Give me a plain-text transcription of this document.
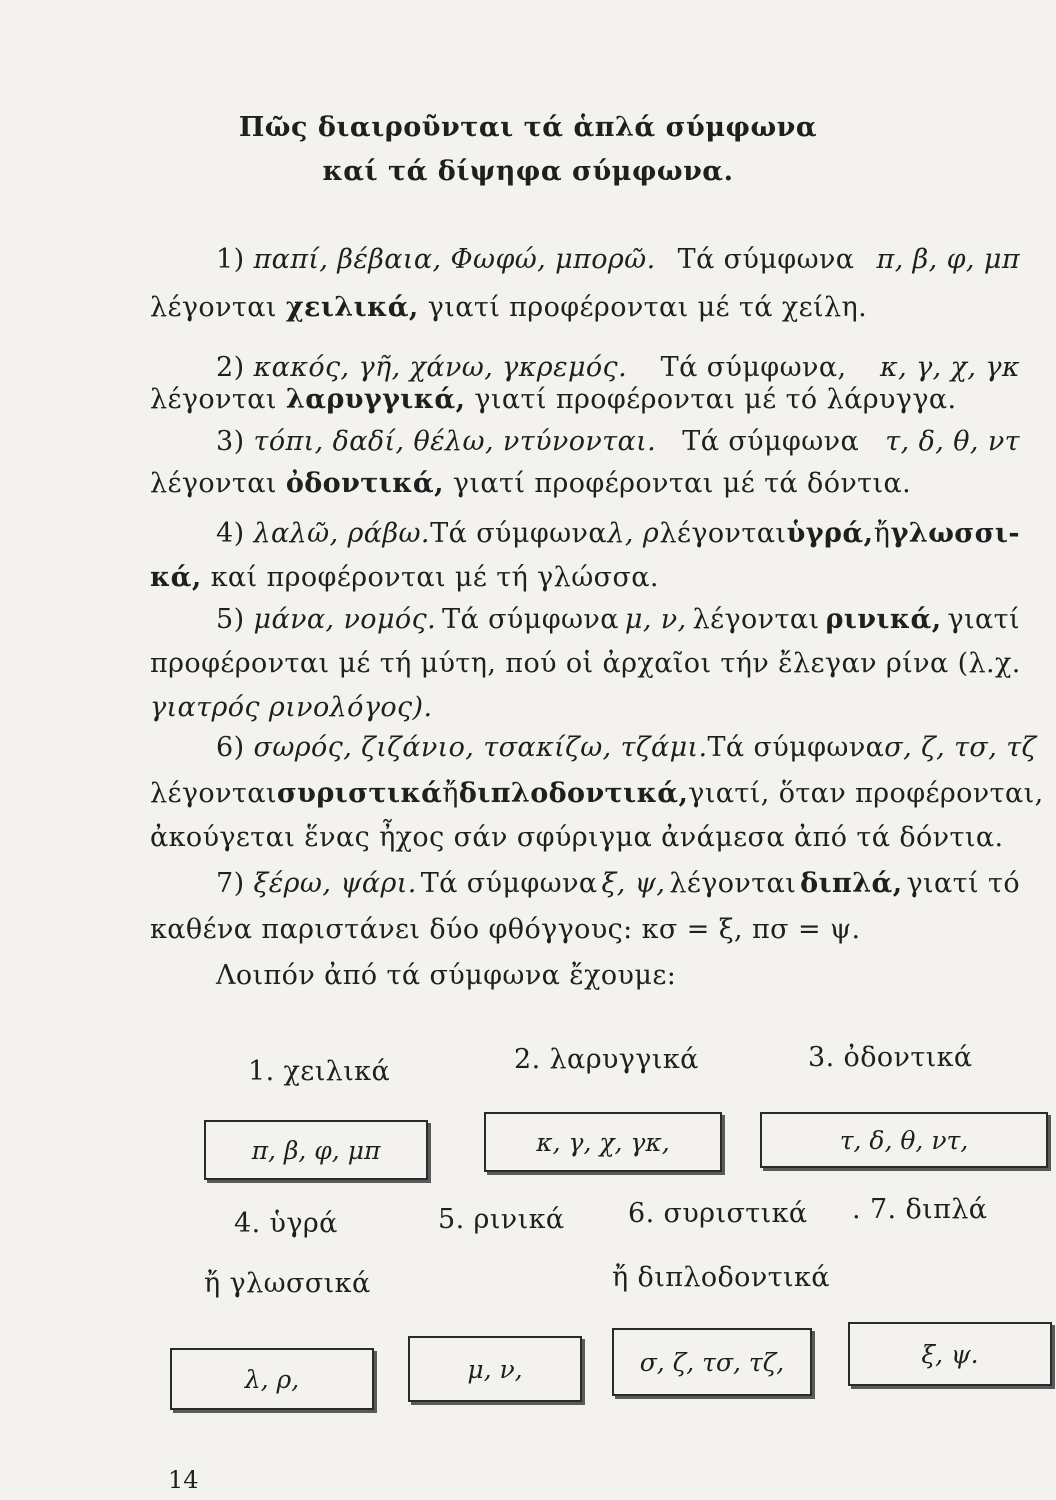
Πῶς διαιροῦνται τά ἁπλά σύμφωνα
καί τά δίψηφα σύμφωνα.
1) παπί, βέβαια, Φωφώ, μπορῶ. Τά σύμφωνα π, β, φ, μπ
λέγονται χειλικά, γιατί προφέρονται μέ τά χείλη.
2) κακός, γῆ, χάνω, γκρεμός. Τά σύμφωνα, κ, γ, χ, γκ
λέγονται λαρυγγικά, γιατί προφέρονται μέ τό λάρυγγα.
3) τόπι, δαδί, θέλω, ντύνονται. Τά σύμφωνα τ, δ, θ, ντ
λέγονται ὀδοντικά, γιατί προφέρονται μέ τά δόντια.
4) λαλῶ, ράβω. Τά σύμφωνα λ, ρ λέγονται ὑγρά, ἤ γλωσσι-
κά, καί προφέρονται μέ τή γλώσσα.
5) μάνα, νομός. Τά σύμφωνα μ, ν, λέγονται ρινικά, γιατί
προφέρονται μέ τή μύτη, πού οἱ ἀρχαῖοι τήν ἔλεγαν ρίνα (λ.χ.
γιατρός ρινολόγος).
6) σωρός, ζιζάνιο, τσακίζω, τζάμι. Τά σύμφωνα σ, ζ, τσ, τζ
λέγονται συριστικά ἤ διπλοδοντικά, γιατί, ὅταν προφέρονται,
ἀκούγεται ἕνας ἦχος σάν σφύριγμα ἀνάμεσα ἀπό τά δόντια.
7) ξέρω, ψάρι. Τά σύμφωνα ξ, ψ, λέγονται διπλά, γιατί τό
καθένα παριστάνει δύο φθόγγους: κσ = ξ, πσ = ψ.
Λοιπόν ἀπό τά σύμφωνα ἔχουμε:
1. χειλικά	2. λαρυγγικά	3. ὀδοντικά
π, β, φ, μπ	κ, γ, χ, γκ,	τ, δ, θ, ντ,
4. ὑγρά	5. ρινικά 6. συριστικά . 7. διπλά
ἤ γλωσσικά	ἤ διπλοδοντικά
λ, ρ,	μ, ν,	σ, ζ, τσ, τζ,	ξ, ψ.
14
